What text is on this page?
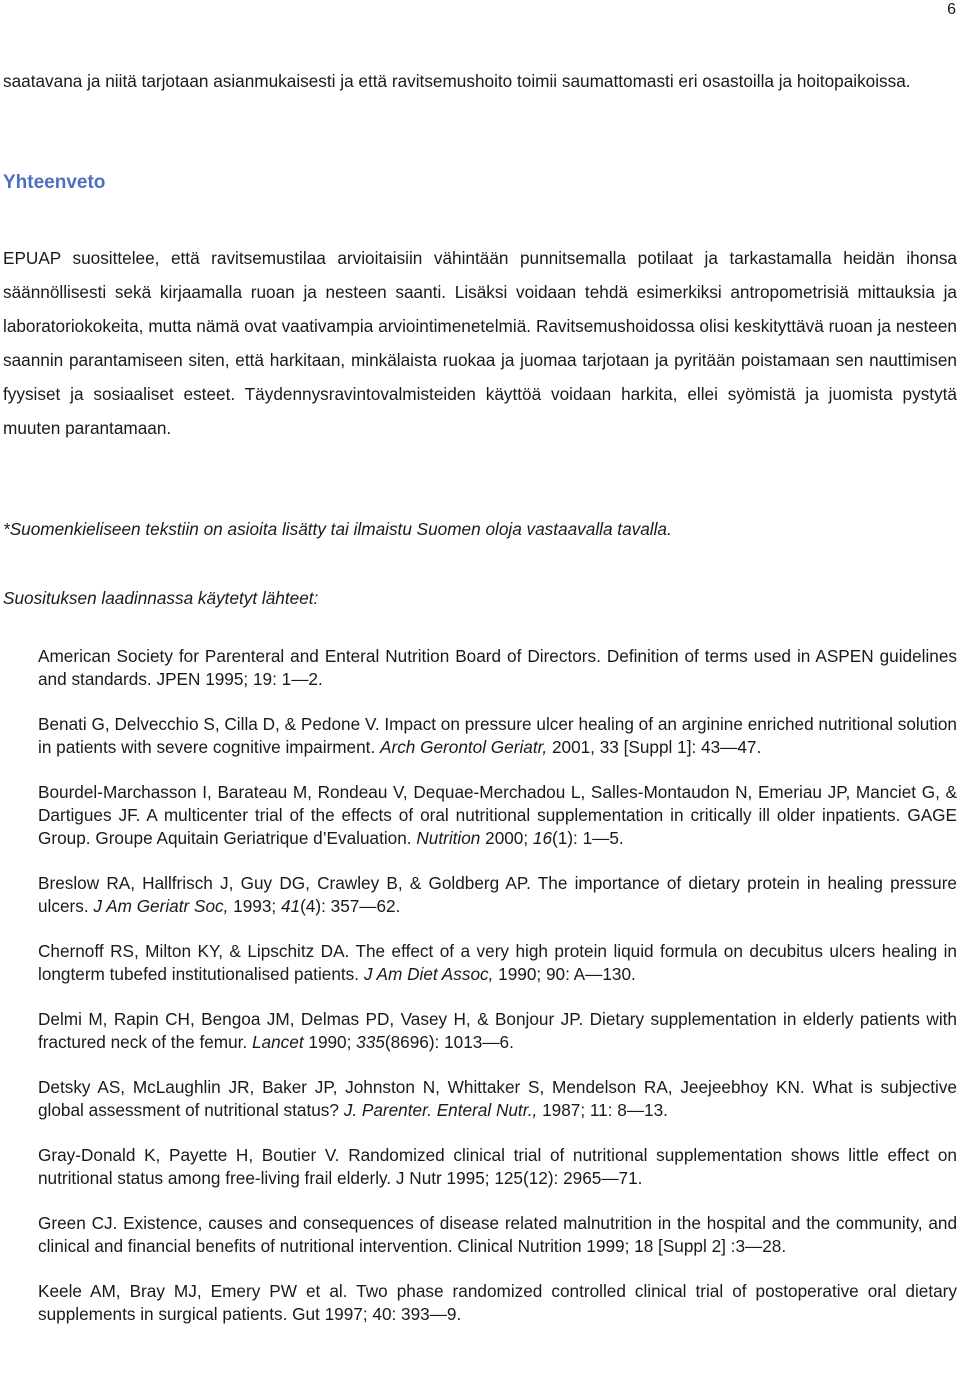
6

saatavana ja niitä tarjotaan asianmukaisesti ja että ravitsemushoito toimii saumattomasti eri osastoilla ja hoitopaikoissa.

Yhteenveto

EPUAP suosittelee, että ravitsemustilaa arvioitaisiin vähintään punnitsemalla potilaat ja tarkastamalla heidän ihonsa säännöllisesti sekä kirjaamalla ruoan ja nesteen saanti. Lisäksi voidaan tehdä esimerkiksi antropometrisiä mittauksia ja laboratoriokokeita, mutta nämä ovat vaativampia arviointimenetelmiä. Ravitsemushoidossa olisi keskityttävä ruoan ja nesteen saannin parantamiseen siten, että harkitaan, minkälaista ruokaa ja juomaa tarjotaan ja pyritään poistamaan sen nauttimisen fyysiset ja sosiaaliset esteet. Täydennysravintovalmisteiden käyttöä voidaan harkita, ellei syömistä ja juomista pystytä muuten parantamaan.

*Suomenkieliseen tekstiin on asioita lisätty tai ilmaistu Suomen oloja vastaavalla tavalla.

Suosituksen laadinnassa käytetyt lähteet:

American Society for Parenteral and Enteral Nutrition Board of Directors. Definition of terms used in ASPEN guidelines and standards. JPEN 1995; 19: 1—2.
Benati G, Delvecchio S, Cilla D, & Pedone V. Impact on pressure ulcer healing of an arginine enriched nutritional solution in patients with severe cognitive impairment. Arch Gerontol Geriatr, 2001, 33 [Suppl 1]: 43—47.
Bourdel-Marchasson I, Barateau M, Rondeau V, Dequae-Merchadou L, Salles-Montaudon N, Emeriau JP, Manciet G, & Dartigues JF. A multicenter trial of the effects of oral nutritional supplementation in critically ill older inpatients. GAGE Group. Groupe Aquitain Geriatrique d’Evaluation. Nutrition 2000; 16(1): 1—5.
Breslow RA, Hallfrisch J, Guy DG, Crawley B, & Goldberg AP. The importance of dietary protein in healing pressure ulcers. J Am Geriatr Soc, 1993; 41(4): 357—62.
Chernoff RS, Milton KY, & Lipschitz DA. The effect of a very high protein liquid formula on decubitus ulcers healing in longterm tubefed institutionalised patients. J Am Diet Assoc, 1990; 90: A—130.
Delmi M, Rapin CH, Bengoa JM, Delmas PD, Vasey H, & Bonjour JP. Dietary supplementation in elderly patients with fractured neck of the femur. Lancet 1990; 335(8696): 1013—6.
Detsky AS, McLaughlin JR, Baker JP, Johnston N, Whittaker S, Mendelson RA, Jeejeebhoy KN. What is subjective global assessment of nutritional status? J. Parenter. Enteral Nutr., 1987; 11: 8—13.
Gray-Donald K, Payette H, Boutier V. Randomized clinical trial of nutritional supplementation shows little effect on nutritional status among free-living frail elderly. J Nutr 1995; 125(12): 2965—71.
Green CJ. Existence, causes and consequences of disease related malnutrition in the hospital and the community, and clinical and financial benefits of nutritional intervention. Clinical Nutrition 1999; 18 [Suppl 2] :3—28.
Keele AM, Bray MJ, Emery PW et al. Two phase randomized controlled clinical trial of postoperative oral dietary supplements in surgical patients. Gut 1997; 40: 393—9.
